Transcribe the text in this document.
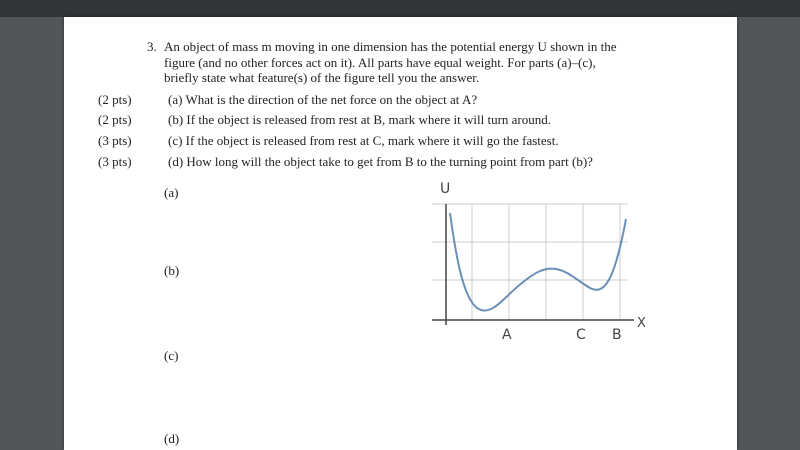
3. An object of mass m moving in one dimension has the potential energy U shown in the
figure (and no other forces act on it). All parts have equal weight. For parts (a)–(c),
briefly state what feature(s) of the figure tell you the answer.
(2 pts)	(a) What is the direction of the net force on the object at A?
(2 pts)	(b) If the object is released from rest at B, mark where it will turn around.
(3 pts)	(c) If the object is released from rest at C, mark where it will go the fastest.
(3 pts)	(d) How long will the object take to get from B to the turning point from part (b)?
(a)
(b)
(c)
(d)
U
X
A	C B
